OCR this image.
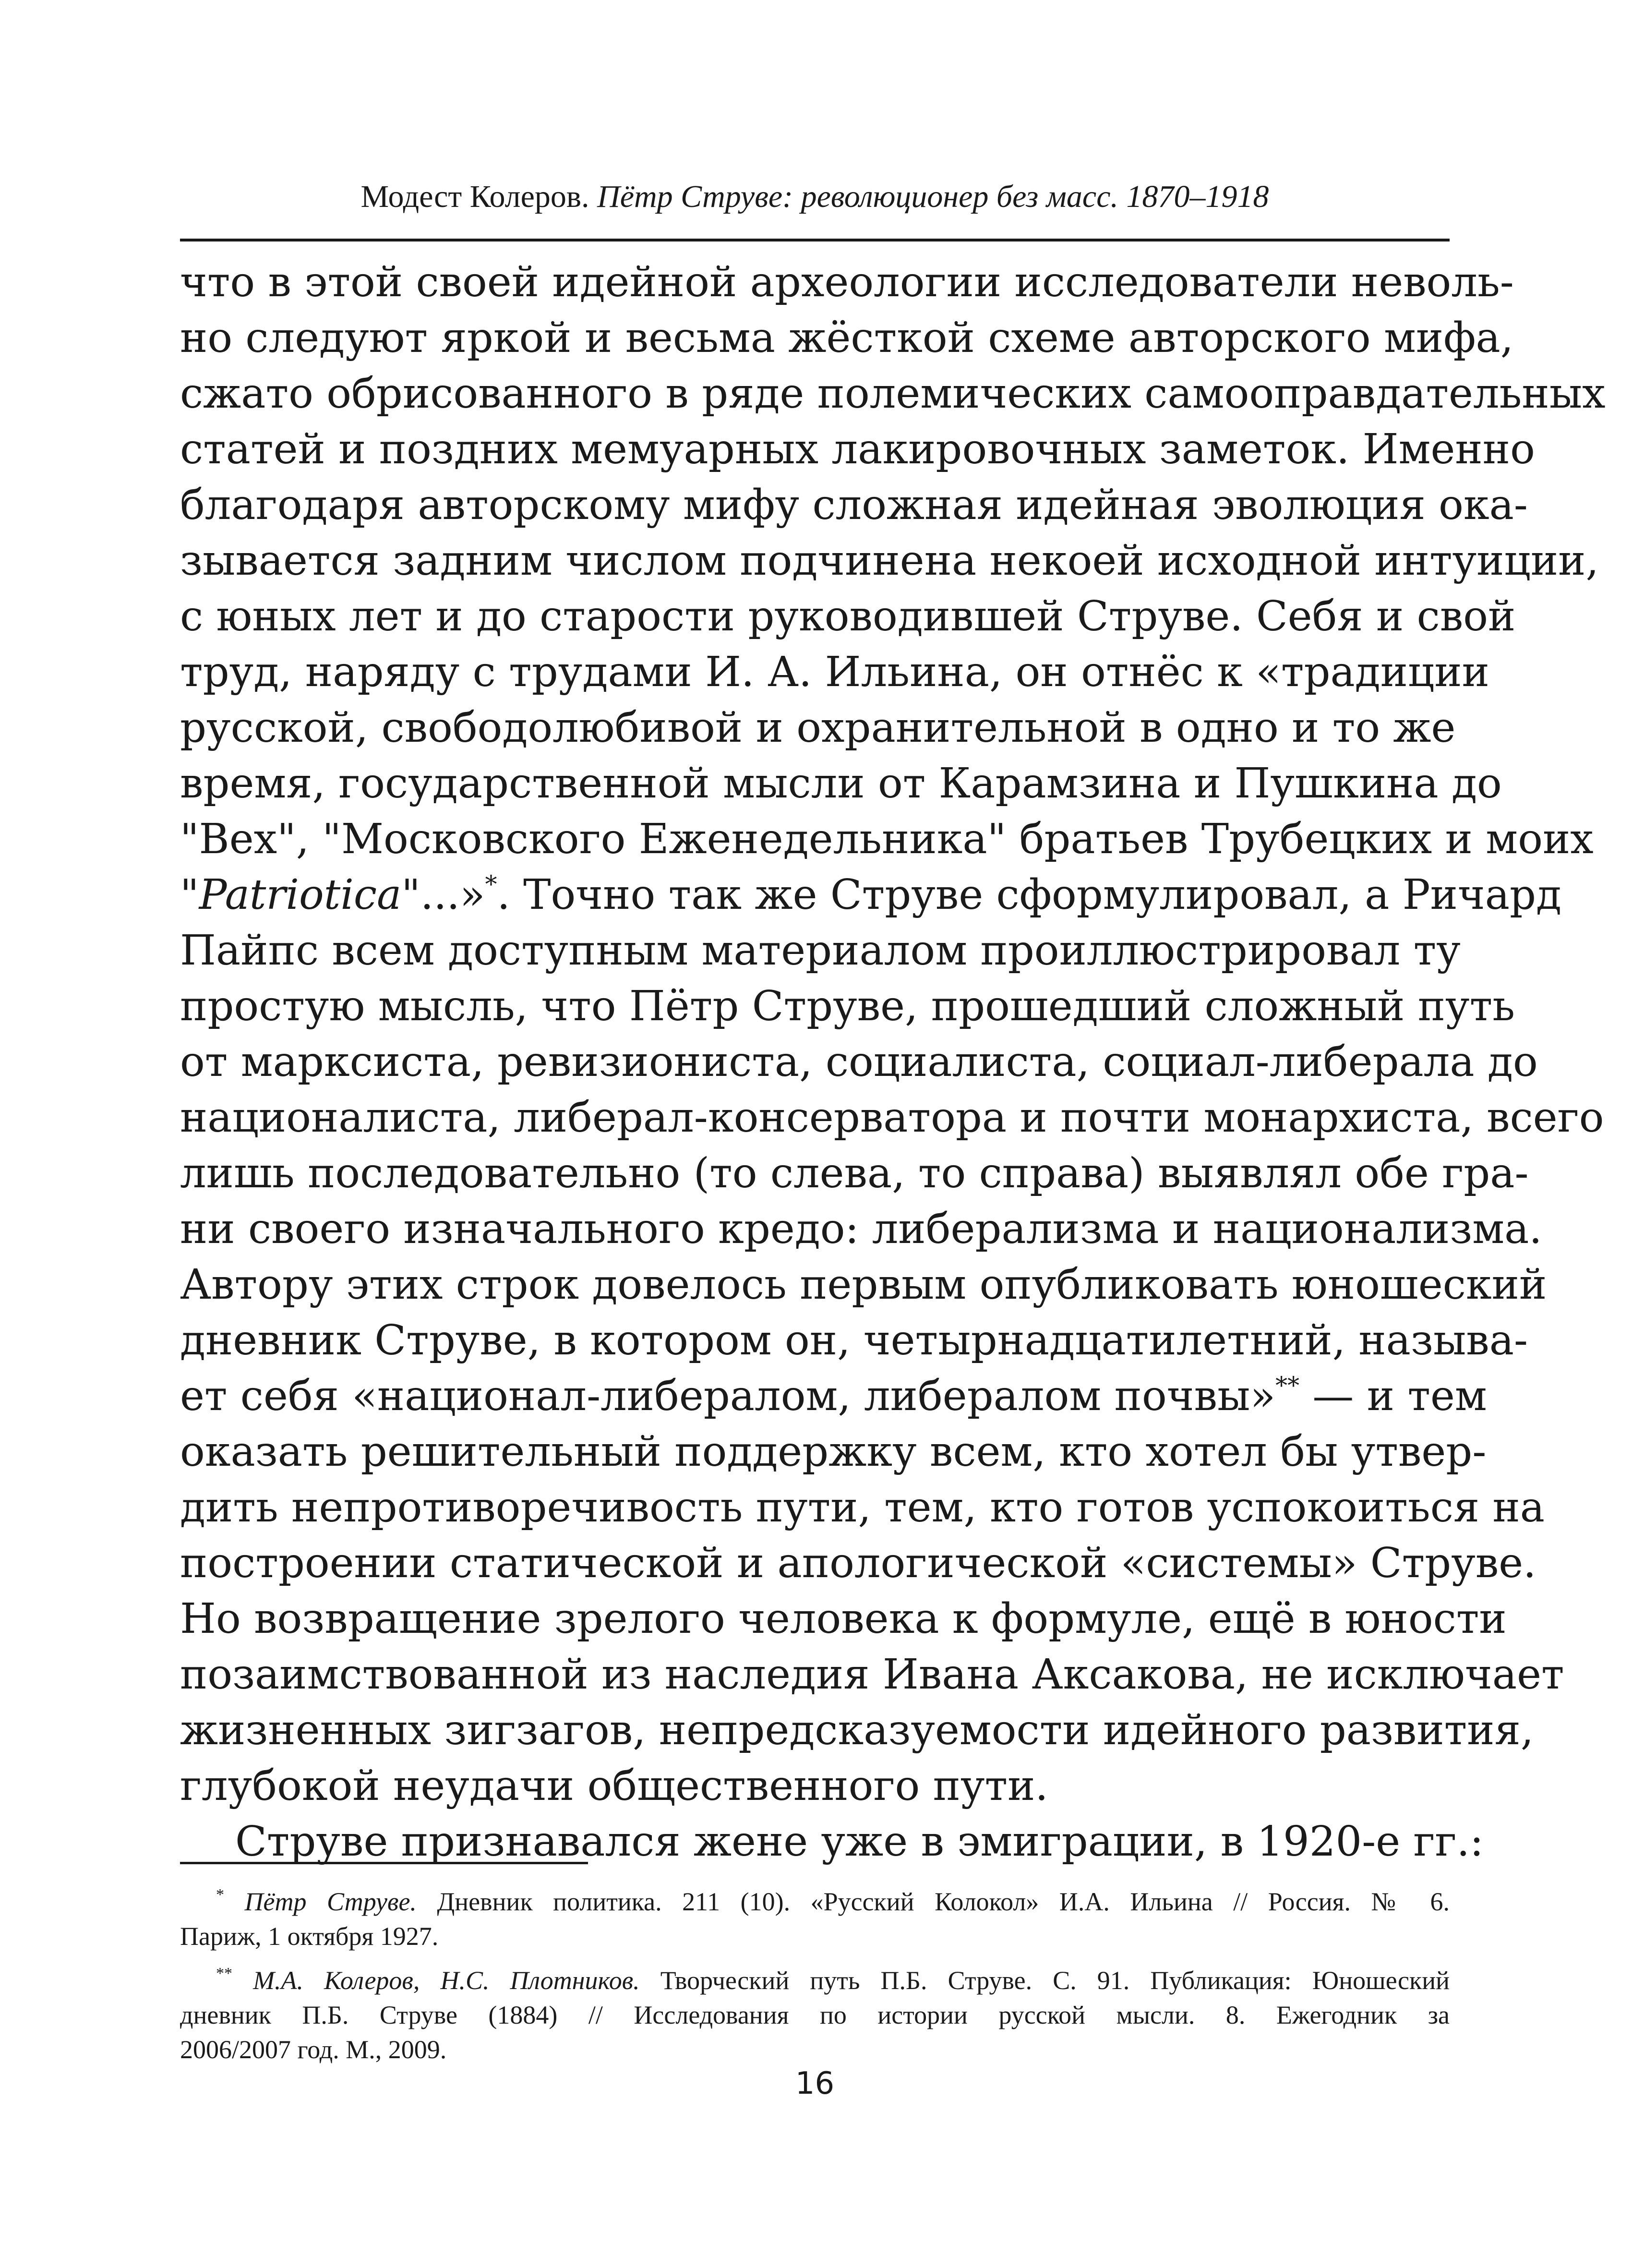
Модест Колеров. Пётр Струве: революционер без масс. 1870–1918

что в этой своей идейной археологии исследователи неволь-
но следуют яркой и весьма жёсткой схеме авторского мифа,
сжато обрисованного в ряде полемических самооправдательных
статей и поздних мемуарных лакировочных заметок. Именно
благодаря авторскому мифу сложная идейная эволюция ока-
зывается задним числом подчинена некоей исходной интуиции,
с юных лет и до старости руководившей Струве. Себя и свой
труд, наряду с трудами И. А. Ильина, он отнёс к «традиции
русской, свободолюбивой и охранительной в одно и то же
время, государственной мысли от Карамзина и Пушкина до
"Вех", "Московского Еженедельника" братьев Трубецких и моих
"Patriotica"...»*. Точно так же Струве сформулировал, а Ричард
Пайпс всем доступным материалом проиллюстрировал ту
простую мысль, что Пётр Струве, прошедший сложный путь
от марксиста, ревизиониста, социалиста, социал-либерала до
националиста, либерал-консерватора и почти монархиста, всего
лишь последовательно (то слева, то справа) выявлял обе гра-
ни своего изначального кредо: либерализма и национализма.
Автору этих строк довелось первым опубликовать юношеский
дневник Струве, в котором он, четырнадцатилетний, называ-
ет себя «национал-либералом, либералом почвы»** — и тем
оказать решительный поддержку всем, кто хотел бы утвер-
дить непротиворечивость пути, тем, кто готов успокоиться на
построении статической и апологической «системы» Струве.
Но возвращение зрелого человека к формуле, ещё в юности
позаимствованной из наследия Ивана Аксакова, не исключает
жизненных зигзагов, непредсказуемости идейного развития,
глубокой неудачи общественного пути.

Струве признавался жене уже в эмиграции, в 1920-е гг.:

* Пётр Струве. Дневник политика. 211 (10). «Русский Колокол» И.А. Ильина // Россия. № 6.
Париж, 1 октября 1927.

** М.А. Колеров, Н.С. Плотников. Творческий путь П.Б. Струве. С. 91. Публикация: Юношеский
дневник П.Б. Струве (1884) // Исследования по истории русской мысли. 8. Ежегодник за
2006/2007 год. М., 2009.

16
